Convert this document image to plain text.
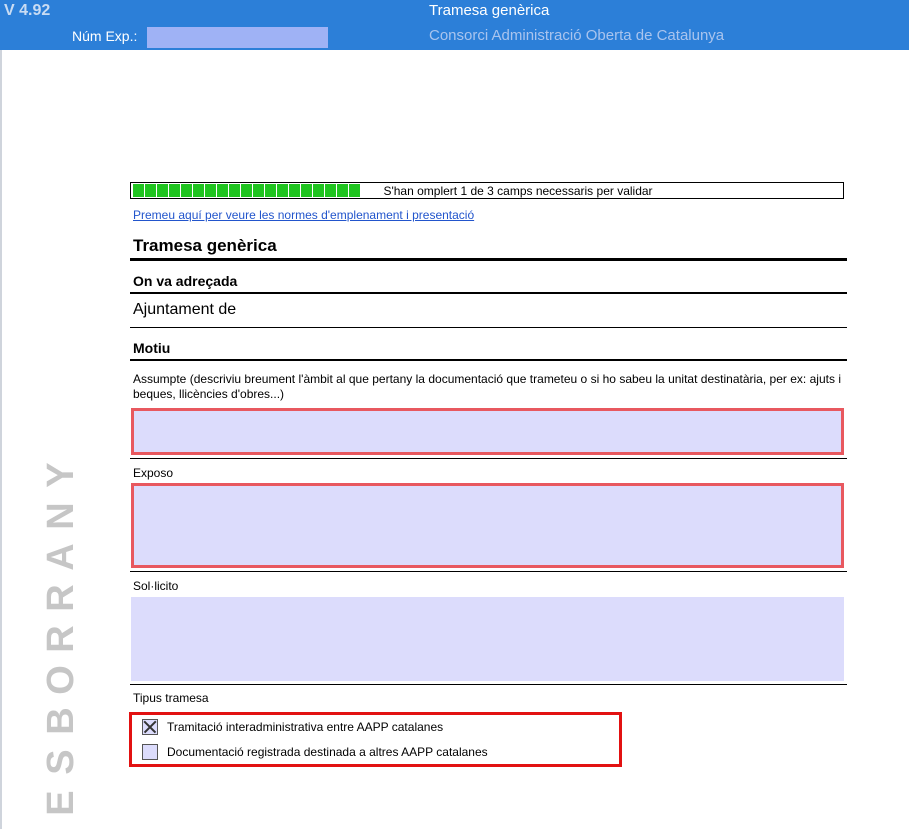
V 4.92	Tramesa genèrica
Núm Exp.:	Consorci Administració Oberta de Catalunya
E
S
B
O
R
R
A
N
Y
S'han omplert 1 de 3 camps necessaris per validar
Premeu aquí per veure les normes d'emplenament i presentació
Tramesa genèrica
On va adreçada
Ajuntament de
Motiu
Assumpte (descriviu breument l'àmbit al que pertany la documentació que trameteu o si ho sabeu la unitat destinatària, per ex: ajuts i beques, llicències d'obres...)
Exposo
Sol·licito
Tipus tramesa
Tramitació interadministrativa entre AAPP catalanes
Documentació registrada destinada a altres AAPP catalanes
